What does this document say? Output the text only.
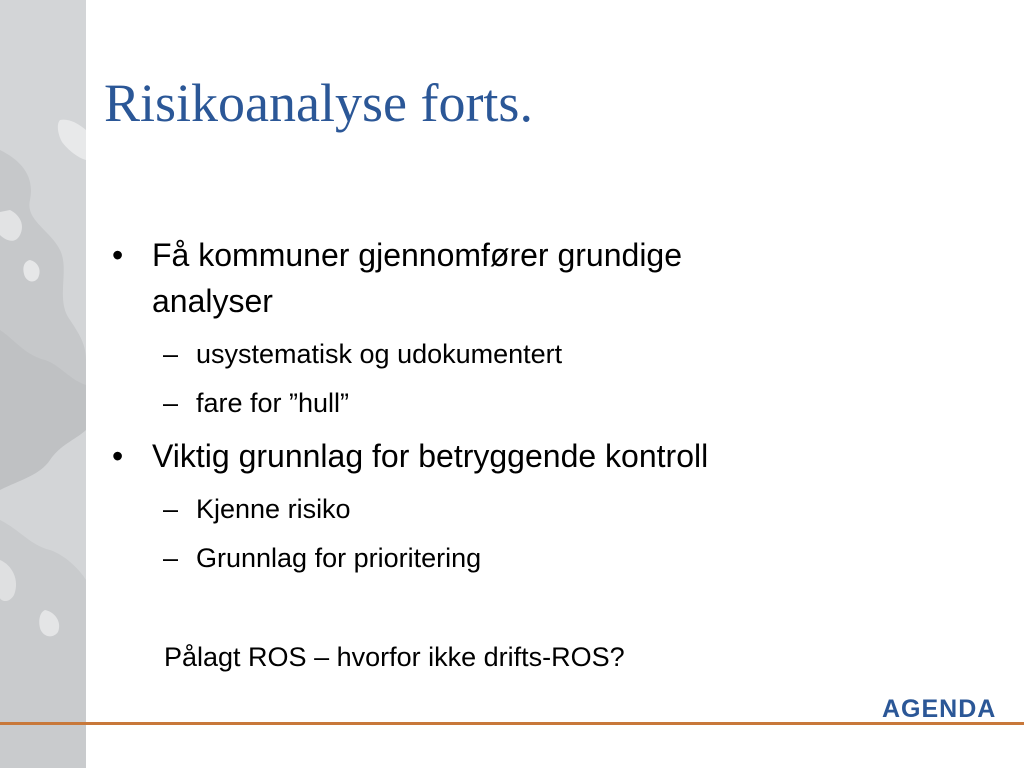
Risikoanalyse forts.
• Få kommuner gjennomfører grundige
analyser
– usystematisk og udokumentert
– fare for ”hull”
• Viktig grunnlag for betryggende kontroll
– Kjenne risiko
– Grunnlag for prioritering
Pålagt ROS – hvorfor ikke drifts-ROS?
AGENDA
